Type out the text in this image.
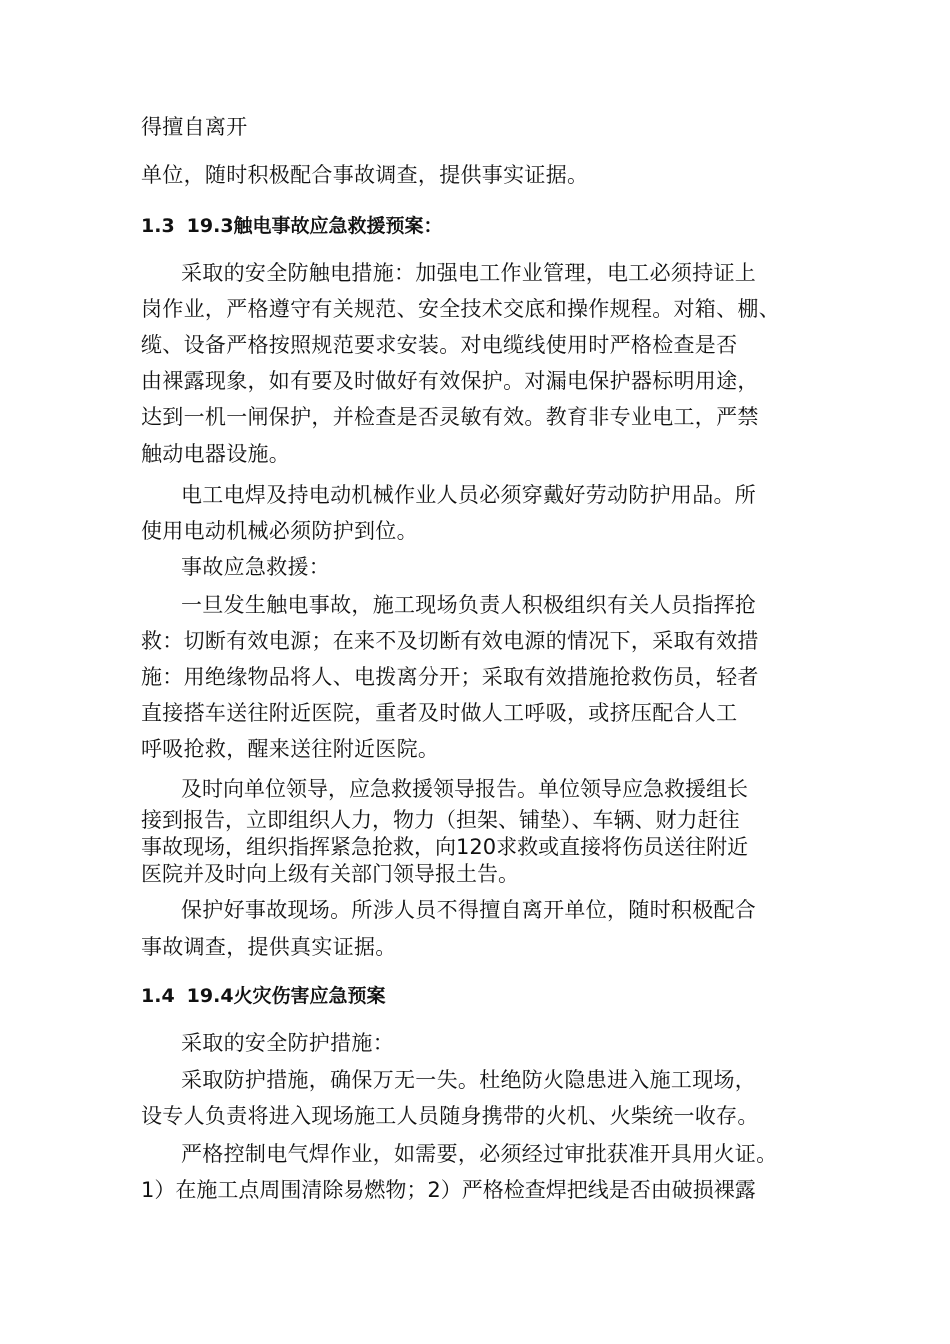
得擅自离开

单位，随时积极配合事故调查，提供事实证据。

1.3 19.3触电事故应急救援预案：

采取的安全防触电措施：加强电工作业管理，电工必须持证上

岗作业，严格遵守有关规范、安全技术交底和操作规程。对箱、棚、

缆、设备严格按照规范要求安装。对电缆线使用时严格检查是否

由裸露现象，如有要及时做好有效保护。对漏电保护器标明用途，

达到一机一闸保护，并检查是否灵敏有效。教育非专业电工，严禁

触动电器设施。

电工电焊及持电动机械作业人员必须穿戴好劳动防护用品。所

使用电动机械必须防护到位。

事故应急救援：

一旦发生触电事故，施工现场负责人积极组织有关人员指挥抢

救：切断有效电源；在来不及切断有效电源的情况下，采取有效措

施：用绝缘物品将人、电拨离分开；采取有效措施抢救伤员，轻者

直接搭车送往附近医院，重者及时做人工呼吸，或挤压配合人工

呼吸抢救，醒来送往附近医院。

及时向单位领导，应急救援领导报告。单位领导应急救援组长

接到报告，立即组织人力，物力（担架、铺垫）、车辆、财力赶往

事故现场，组织指挥紧急抢救，向120求救或直接将伤员送往附近

医院并及时向上级有关部门领导报土告。

保护好事故现场。所涉人员不得擅自离开单位，随时积极配合

事故调查，提供真实证据。

1.4 19.4火灾伤害应急预案

采取的安全防护措施：

采取防护措施，确保万无一失。杜绝防火隐患进入施工现场，

设专人负责将进入现场施工人员随身携带的火机、火柴统一收存。

严格控制电气焊作业，如需要，必须经过审批获准开具用火证。

1）在施工点周围清除易燃物；2）严格检查焊把线是否由破损裸露
